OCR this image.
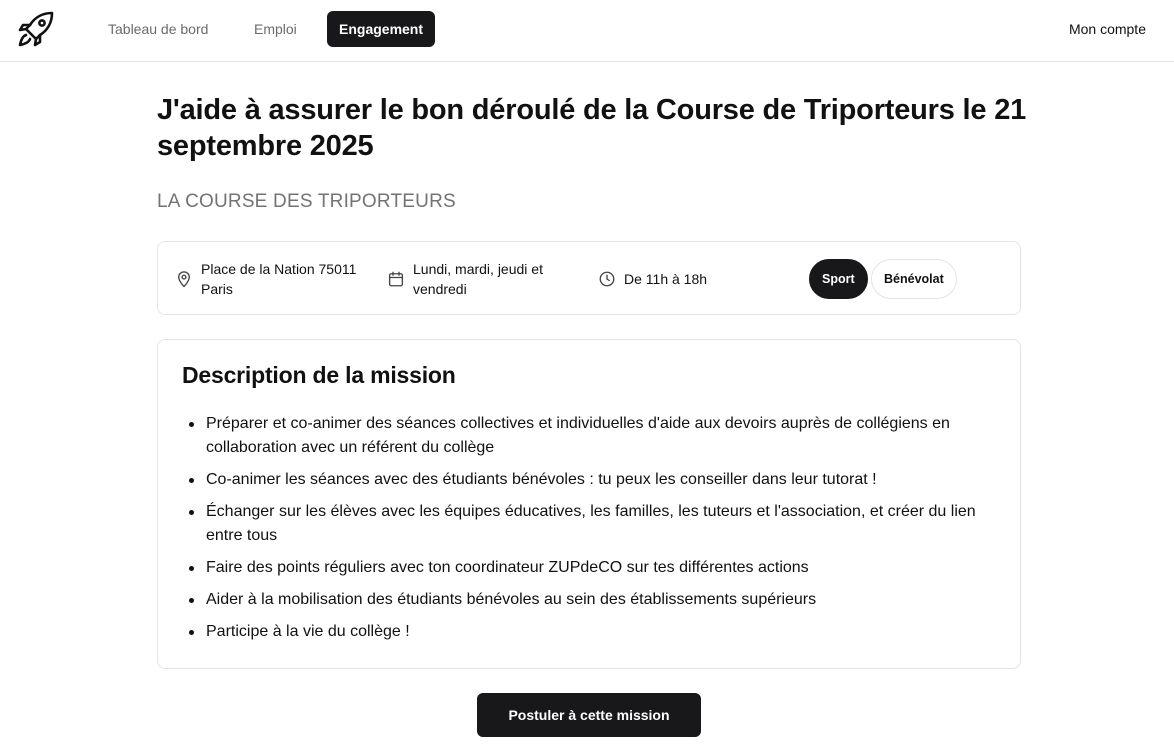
Tableau de bord	Emploi	Engagement	Mon compte
J'aide à assurer le bon déroulé de la Course de Triporteurs le 21 septembre 2025
LA COURSE DES TRIPORTEURS
Place de la Nation 75011 Paris
Lundi, mardi, jeudi et vendredi
De 11h à 18h	Sport	Bénévolat
Description de la mission
Préparer et co-animer des séances collectives et individuelles d'aide aux devoirs auprès de collégiens en collaboration avec un référent du collège
Co-animer les séances avec des étudiants bénévoles : tu peux les conseiller dans leur tutorat !
Échanger sur les élèves avec les équipes éducatives, les familles, les tuteurs et l'association, et créer du lien entre tous
Faire des points réguliers avec ton coordinateur ZUPdeCO sur tes différentes actions
Aider à la mobilisation des étudiants bénévoles au sein des établissements supérieurs
Participe à la vie du collège !
Postuler à cette mission
